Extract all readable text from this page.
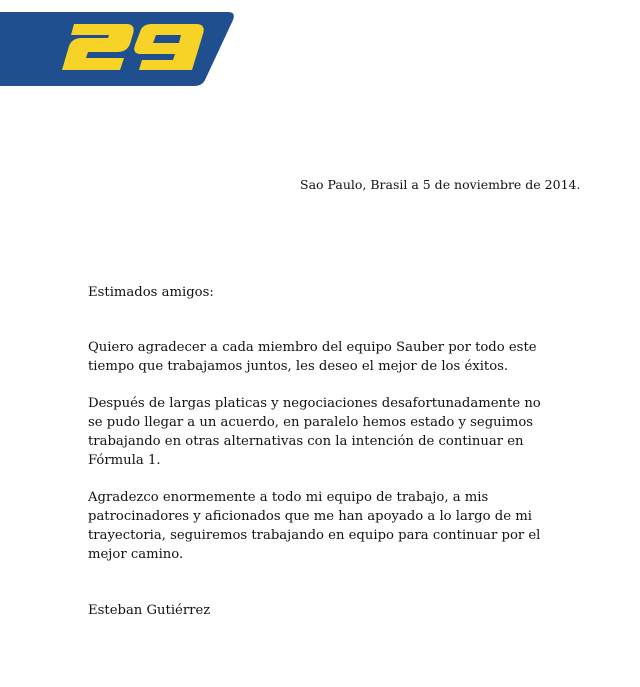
Sao Paulo, Brasil a 5 de noviembre de 2014.

Estimados amigos:

Quiero agradecer a cada miembro del equipo Sauber por todo este tiempo que trabajamos juntos, les deseo el mejor de los éxitos.

Después de largas platicas y negociaciones desafortunadamente no se pudo llegar a un acuerdo, en paralelo hemos estado y seguimos trabajando en otras alternativas con la intención de continuar en Fórmula 1.

Agradezco enormemente a todo mi equipo de trabajo, a mis patrocinadores y aficionados que me han apoyado a lo largo de mi trayectoria, seguiremos trabajando en equipo para continuar por el mejor camino.

Esteban Gutiérrez
